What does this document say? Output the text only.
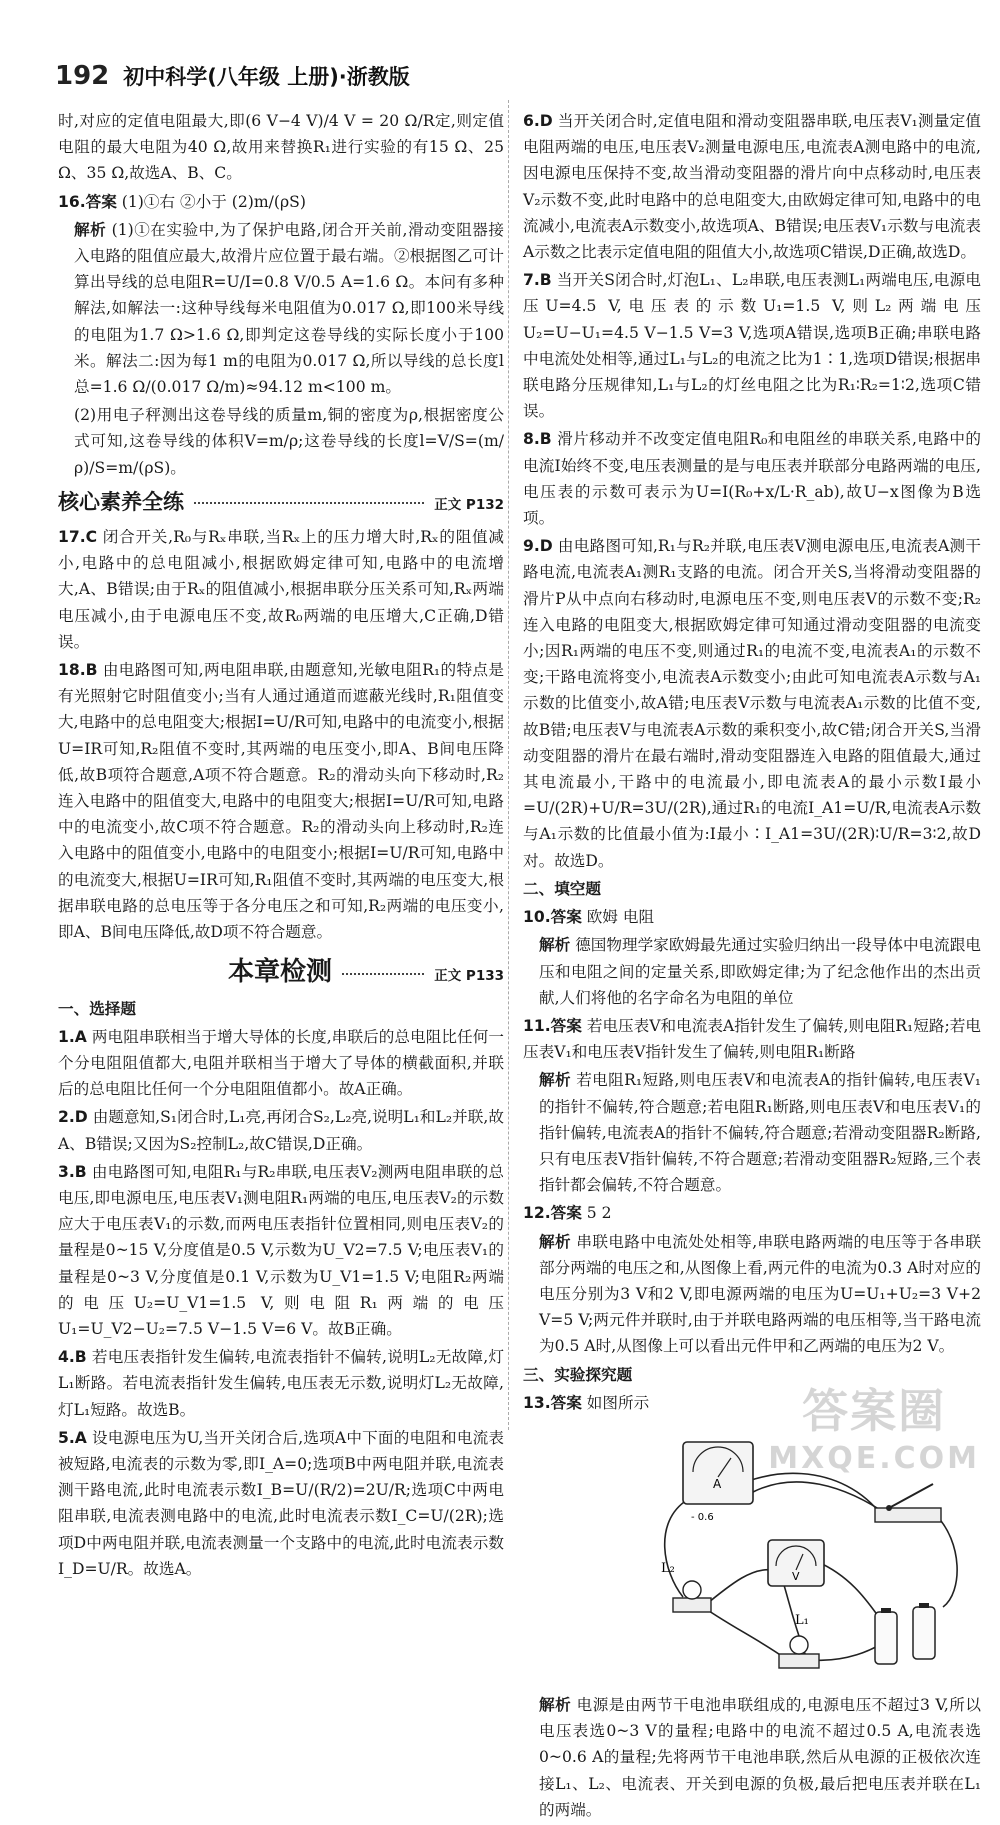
192 初中科学(八年级 上册)·浙教版

时,对应的定值电阻最大,即(6 V−4 V)/4 V = 20 Ω/R定,则定值电阻的最大电阻为40 Ω,故用来替换R₁进行实验的有15 Ω、25 Ω、35 Ω,故选A、B、C。

16.答案 (1)①右 ②小于 (2)m/(ρS)

解析 (1)①在实验中,为了保护电路,闭合开关前,滑动变阻器接入电路的阻值应最大,故滑片应位置于最右端。②根据图乙可计算出导线的总电阻R=U/I=0.8 V/0.5 A=1.6 Ω。本问有多种解法,如解法一:这种导线每米电阻值为0.017 Ω,即100米导线的电阻为1.7 Ω>1.6 Ω,即判定这卷导线的实际长度小于100米。解法二:因为每1 m的电阻为0.017 Ω,所以导线的总长度l总=1.6 Ω/(0.017 Ω/m)≈94.12 m<100 m。

(2)用电子秤测出这卷导线的质量m,铜的密度为ρ,根据密度公式可知,这卷导线的体积V=m/ρ;这卷导线的长度l=V/S=(m/ρ)/S=m/(ρS)。

核心素养全练	正文 P132

17.C 闭合开关,R₀与Rₓ串联,当Rₓ上的压力增大时,Rₓ的阻值减小,电路中的总电阻减小,根据欧姆定律可知,电路中的电流增大,A、B错误;由于Rₓ的阻值减小,根据串联分压关系可知,Rₓ两端电压减小,由于电源电压不变,故R₀两端的电压增大,C正确,D错误。

18.B 由电路图可知,两电阻串联,由题意知,光敏电阻R₁的特点是有光照射它时阻值变小;当有人通过通道而遮蔽光线时,R₁阻值变大,电路中的总电阻变大;根据I=U/R可知,电路中的电流变小,根据U=IR可知,R₂阻值不变时,其两端的电压变小,即A、B间电压降低,故B项符合题意,A项不符合题意。R₂的滑动头向下移动时,R₂连入电路中的阻值变大,电路中的电阻变大;根据I=U/R可知,电路中的电流变小,故C项不符合题意。R₂的滑动头向上移动时,R₂连入电路中的阻值变小,电路中的电阻变小;根据I=U/R可知,电路中的电流变大,根据U=IR可知,R₁阻值不变时,其两端的电压变大,根据串联电路的总电压等于各分电压之和可知,R₂两端的电压变小,即A、B间电压降低,故D项不符合题意。

本章检测	正文 P133
一、选择题

1.A 两电阻串联相当于增大导体的长度,串联后的总电阻比任何一个分电阻阻值都大,电阻并联相当于增大了导体的横截面积,并联后的总电阻比任何一个分电阻阻值都小。故A正确。

2.D 由题意知,S₁闭合时,L₁亮,再闭合S₂,L₂亮,说明L₁和L₂并联,故A、B错误;又因为S₂控制L₂,故C错误,D正确。

3.B 由电路图可知,电阻R₁与R₂串联,电压表V₂测两电阻串联的总电压,即电源电压,电压表V₁测电阻R₁两端的电压,电压表V₂的示数应大于电压表V₁的示数,而两电压表指针位置相同,则电压表V₂的量程是0~15 V,分度值是0.5 V,示数为U_V2=7.5 V;电压表V₁的量程是0~3 V,分度值是0.1 V,示数为U_V1=1.5 V;电阻R₂两端的电压U₂=U_V1=1.5 V,则电阻R₁两端的电压U₁=U_V2−U₂=7.5 V−1.5 V=6 V。故B正确。

4.B 若电压表指针发生偏转,电流表指针不偏转,说明L₂无故障,灯L₁断路。若电流表指针发生偏转,电压表无示数,说明灯L₂无故障,灯L₁短路。故选B。

5.A 设电源电压为U,当开关闭合后,选项A中下面的电阻和电流表被短路,电流表的示数为零,即I_A=0;选项B中两电阻并联,电流表测干路电流,此时电流表示数I_B=U/(R/2)=2U/R;选项C中两电阻串联,电流表测电路中的电流,此时电流表示数I_C=U/(2R);选项D中两电阻并联,电流表测量一个支路中的电流,此时电流表示数I_D=U/R。故选A。

6.D 当开关闭合时,定值电阻和滑动变阻器串联,电压表V₁测量定值电阻两端的电压,电压表V₂测量电源电压,电流表A测电路中的电流,因电源电压保持不变,故当滑动变阻器的滑片向中点移动时,电压表V₂示数不变,此时电路中的总电阻变大,由欧姆定律可知,电路中的电流减小,电流表A示数变小,故选项A、B错误;电压表V₁示数与电流表A示数之比表示定值电阻的阻值大小,故选项C错误,D正确,故选D。

7.B 当开关S闭合时,灯泡L₁、L₂串联,电压表测L₁两端电压,电源电压U=4.5 V,电压表的示数U₁=1.5 V,则L₂两端电压U₂=U−U₁=4.5 V−1.5 V=3 V,选项A错误,选项B正确;串联电路中电流处处相等,通过L₁与L₂的电流之比为1∶1,选项D错误;根据串联电路分压规律知,L₁与L₂的灯丝电阻之比为R₁∶R₂=1∶2,选项C错误。

8.B 滑片移动并不改变定值电阻R₀和电阻丝的串联关系,电路中的电流I始终不变,电压表测量的是与电压表并联部分电路两端的电压,电压表的示数可表示为U=I(R₀+x/L·R_ab),故U−x图像为B选项。

9.D 由电路图可知,R₁与R₂并联,电压表V测电源电压,电流表A测干路电流,电流表A₁测R₁支路的电流。闭合开关S,当将滑动变阻器的滑片P从中点向右移动时,电源电压不变,则电压表V的示数不变;R₂连入电路的电阻变大,根据欧姆定律可知通过滑动变阻器的电流变小;因R₁两端的电压不变,则通过R₁的电流不变,电流表A₁的示数不变;干路电流将变小,电流表A示数变小;由此可知电流表A示数与A₁示数的比值变小,故A错;电压表V示数与电流表A₁示数的比值不变,故B错;电压表V与电流表A示数的乘积变小,故C错;闭合开关S,当滑动变阻器的滑片在最右端时,滑动变阻器连入电路的阻值最大,通过其电流最小,干路中的电流最小,即电流表A的最小示数I最小=U/(2R)+U/R=3U/(2R),通过R₁的电流I_A1=U/R,电流表A示数与A₁示数的比值最小值为:I最小∶I_A1=3U/(2R)∶U/R=3∶2,故D对。故选D。

二、填空题

10.答案 欧姆 电阻

解析 德国物理学家欧姆最先通过实验归纳出一段导体中电流跟电压和电阻之间的定量关系,即欧姆定律;为了纪念他作出的杰出贡献,人们将他的名字命名为电阻的单位

11.答案 若电压表V和电流表A指针发生了偏转,则电阻R₁短路;若电压表V₁和电压表V指针发生了偏转,则电阻R₁断路

解析 若电阻R₁短路,则电压表V和电流表A的指针偏转,电压表V₁的指针不偏转,符合题意;若电阻R₁断路,则电压表V和电压表V₁的指针偏转,电流表A的指针不偏转,符合题意;若滑动变阻器R₂断路,只有电压表V指针偏转,不符合题意;若滑动变阻器R₂短路,三个表指针都会偏转,不符合题意。

12.答案 5 2

解析 串联电路中电流处处相等,串联电路两端的电压等于各串联部分两端的电压之和,从图像上看,两元件的电流为0.3 A时对应的电压分别为3 V和2 V,即电源两端的电压为U=U₁+U₂=3 V+2 V=5 V;两元件并联时,由于并联电路两端的电压相等,当干路电流为0.5 A时,从图像上可以看出元件甲和乙两端的电压为2 V。

三、实验探究题

13.答案 如图所示

A
- 0.6
V
L₂
L₁

解析 电源是由两节干电池串联组成的,电源电压不超过3 V,所以电压表选0~3 V的量程;电路中的电流不超过0.5 A,电流表选0~0.6 A的量程;先将两节干电池串联,然后从电源的正极依次连接L₁、L₂、电流表、开关到电源的负极,最后把电压表并联在L₁的两端。

答案圈
MXQE.COM
